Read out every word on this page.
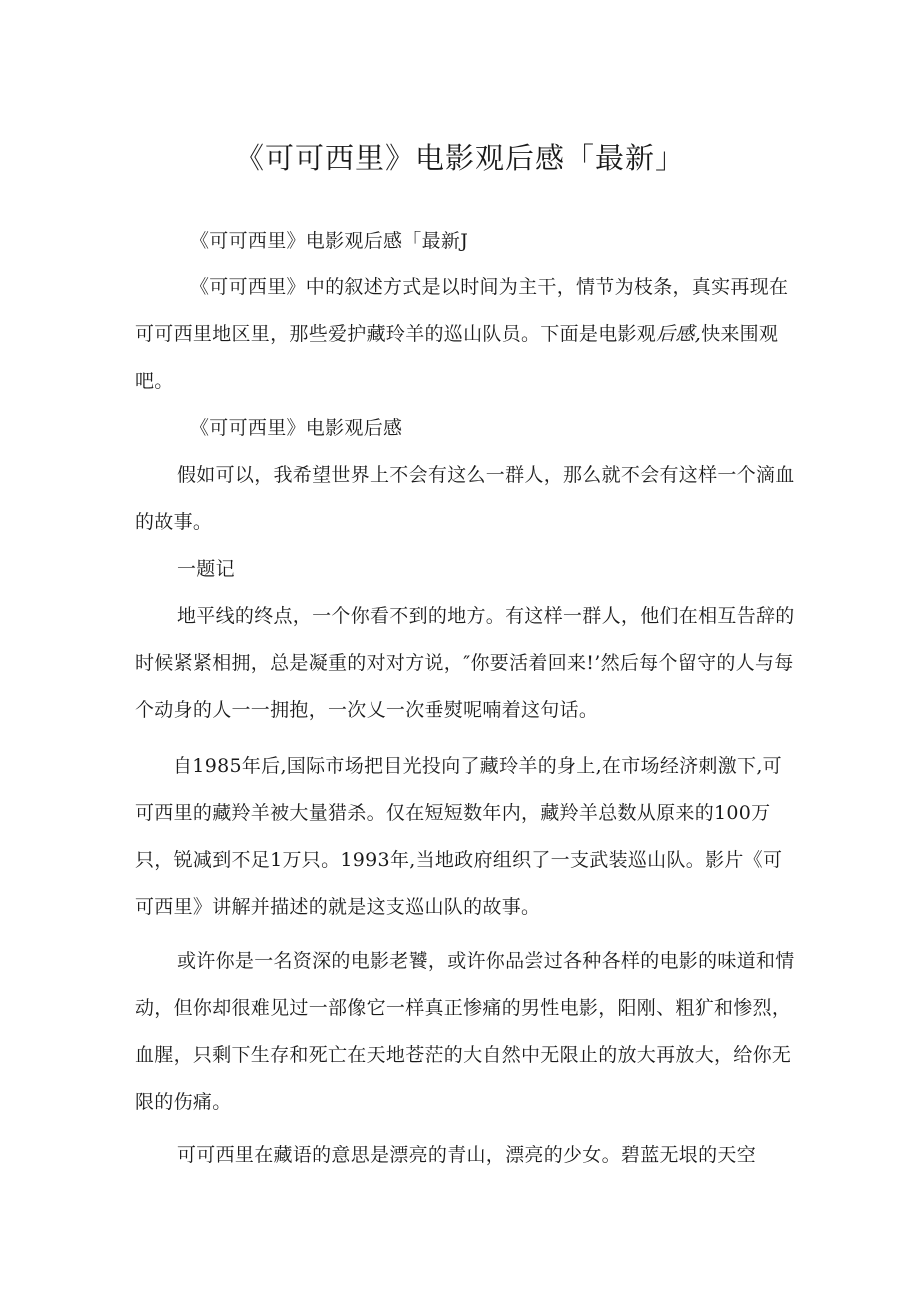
《可可西里》电影观后感「最新」

《可可西里》电影观后感「最新J

《可可西里》中的叙述方式是以时间为主干，情节为枝条，真实再现在可可西里地区里，那些爱护藏玲羊的巡山队员。下面是电影观后感,快来围观吧。

《可可西里》电影观后感

假如可以，我希望世界上不会有这么一群人，那么就不会有这样一个滴血的故事。

一题记

地平线的终点，一个你看不到的地方。有这样一群人，他们在相互告辞的时候紧紧相拥，总是凝重的对对方说，″你要活着回来!’然后每个留守的人与每个动身的人一一拥抱，一次乂一次垂熨呢喃着这句话。

自1985年后,国际市场把目光投向了藏玲羊的身上,在市场经济刺激下,可可西里的藏羚羊被大量猎杀。仅在短短数年内，藏羚羊总数从原来的100万只，锐减到不足1万只。1993年,当地政府组织了一支武装巡山队。影片《可可西里》讲解并描述的就是这支巡山队的故事。

或许你是一名资深的电影老饕，或许你品尝过各种各样的电影的味道和情动，但你却很难见过一部像它一样真正惨痛的男性电影，阳刚、粗犷和惨烈，血腥，只剩下生存和死亡在天地苍茫的大自然中无限止的放大再放大，给你无限的伤痛。

可可西里在藏语的意思是漂亮的青山，漂亮的少女。碧蓝无垠的天空
